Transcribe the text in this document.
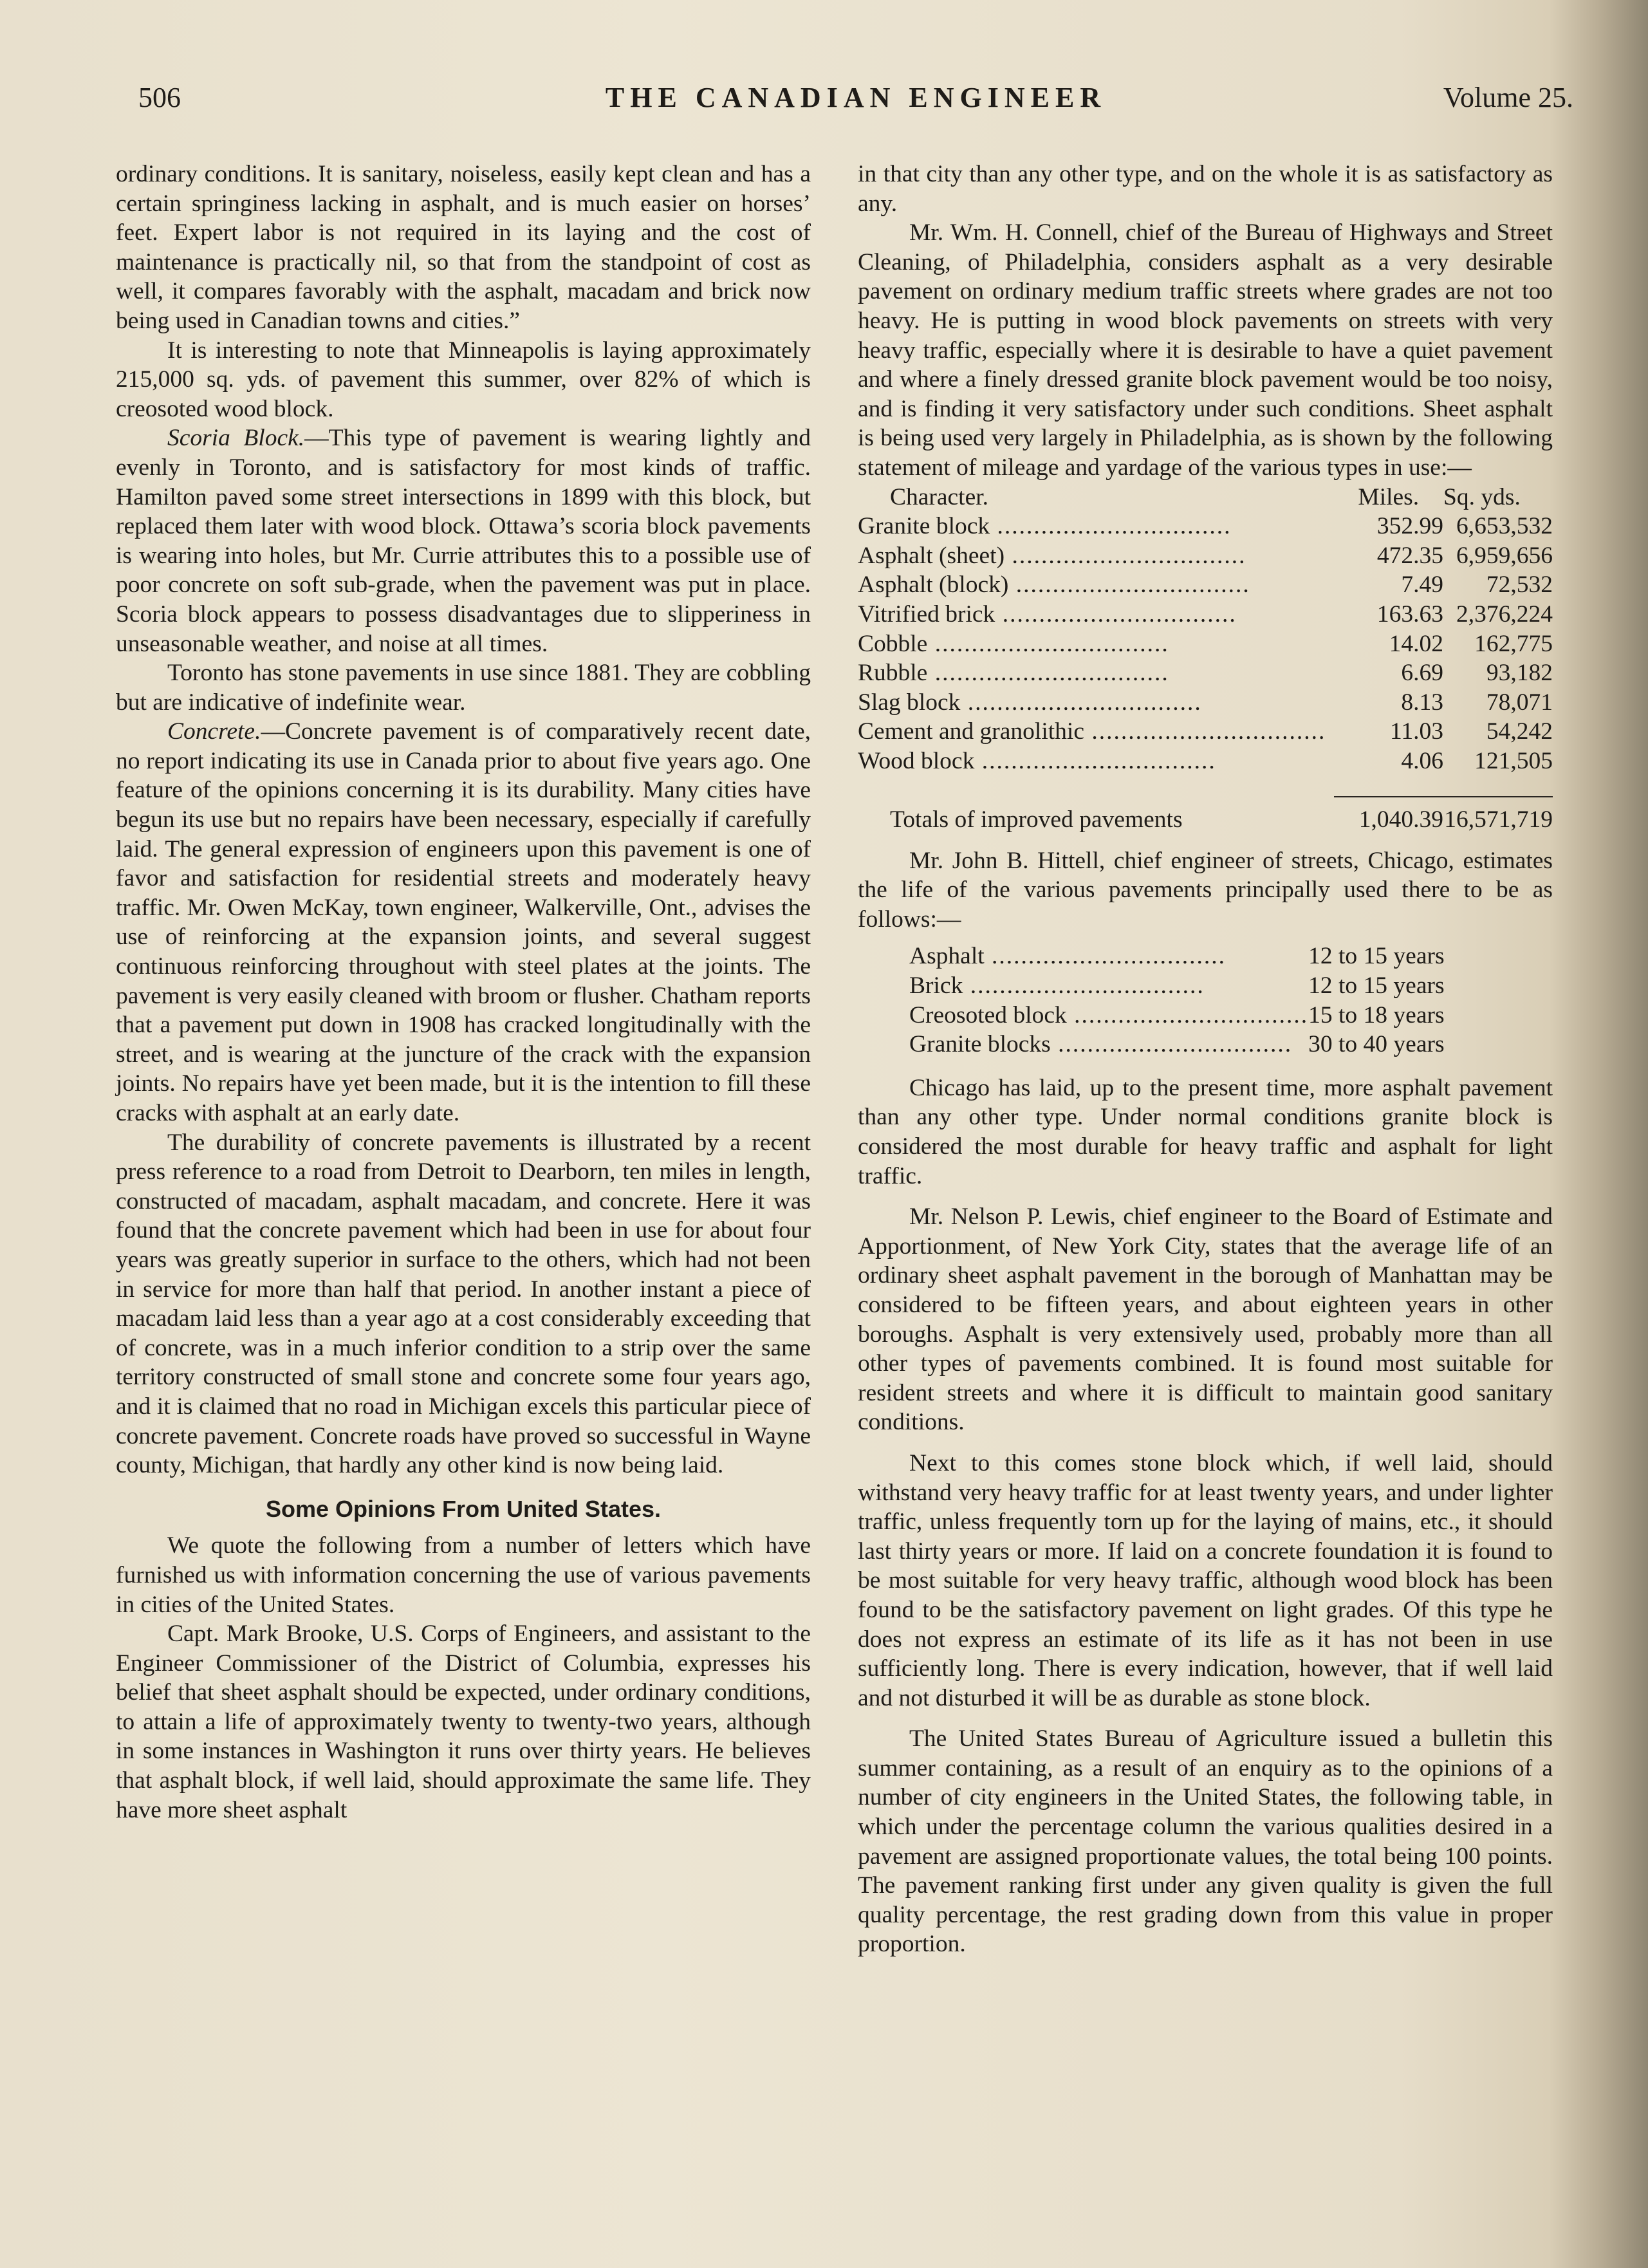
506	THE CANADIAN ENGINEER	Volume 25.

ordinary conditions. It is sanitary, noiseless, easily kept clean and has a certain springiness lacking in asphalt, and is much easier on horses’ feet. Expert labor is not required in its laying and the cost of maintenance is practically nil, so that from the standpoint of cost as well, it compares favorably with the asphalt, macadam and brick now being used in Canadian towns and cities.”

It is interesting to note that Minneapolis is laying approximately 215,000 sq. yds. of pavement this summer, over 82% of which is creosoted wood block.

Scoria Block.—This type of pavement is wearing lightly and evenly in Toronto, and is satisfactory for most kinds of traffic. Hamilton paved some street intersections in 1899 with this block, but replaced them later with wood block. Ottawa’s scoria block pavements is wearing into holes, but Mr. Currie attributes this to a possible use of poor concrete on soft sub-grade, when the pavement was put in place. Scoria block appears to possess disadvantages due to slipperiness in unseasonable weather, and noise at all times.

Toronto has stone pavements in use since 1881. They are cobbling but are indicative of indefinite wear.

Concrete.—Concrete pavement is of comparatively recent date, no report indicating its use in Canada prior to about five years ago. One feature of the opinions concerning it is its durability. Many cities have begun its use but no repairs have been necessary, especially if carefully laid. The general expression of engineers upon this pavement is one of favor and satisfaction for residential streets and moderately heavy traffic. Mr. Owen McKay, town engineer, Walkerville, Ont., advises the use of reinforcing at the expansion joints, and several suggest continuous reinforcing throughout with steel plates at the joints. The pavement is very easily cleaned with broom or flusher. Chatham reports that a pavement put down in 1908 has cracked longitudinally with the street, and is wearing at the juncture of the crack with the expansion joints. No repairs have yet been made, but it is the intention to fill these cracks with asphalt at an early date.

The durability of concrete pavements is illustrated by a recent press reference to a road from Detroit to Dearborn, ten miles in length, constructed of macadam, asphalt macadam, and concrete. Here it was found that the concrete pavement which had been in use for about four years was greatly superior in surface to the others, which had not been in service for more than half that period. In another instant a piece of macadam laid less than a year ago at a cost considerably exceeding that of concrete, was in a much inferior condition to a strip over the same territory constructed of small stone and concrete some four years ago, and it is claimed that no road in Michigan excels this particular piece of concrete pavement. Concrete roads have proved so successful in Wayne county, Michigan, that hardly any other kind is now being laid.

Some Opinions From United States.

We quote the following from a number of letters which have furnished us with information concerning the use of various pavements in cities of the United States.

Capt. Mark Brooke, U.S. Corps of Engineers, and assistant to the Engineer Commissioner of the District of Columbia, expresses his belief that sheet asphalt should be expected, under ordinary conditions, to attain a life of approximately twenty to twenty-two years, although in some instances in Washington it runs over thirty years. He believes that asphalt block, if well laid, should approximate the same life. They have more sheet asphalt

in that city than any other type, and on the whole it is as satisfactory as any.

Mr. Wm. H. Connell, chief of the Bureau of Highways and Street Cleaning, of Philadelphia, considers asphalt as a very desirable pavement on ordinary medium traffic streets where grades are not too heavy. He is putting in wood block pavements on streets with very heavy traffic, especially where it is desirable to have a quiet pavement and where a finely dressed granite block pavement would be too noisy, and is finding it very satisfactory under such conditions. Sheet asphalt is being used very largely in Philadelphia, as is shown by the following statement of mileage and yardage of the various types in use:—

Character.	Miles.	Sq. yds.
Granite block .....	352.99	6,653,532
Asphalt (sheet) .....	472.35	6,959,656
Asphalt (block) .....	7.49	72,532
Vitrified brick .....	163.63	2,376,224
Cobble .....	14.02	162,775
Rubble .....	6.69	93,182
Slag block .....	8.13	78,071
Cement and granolithic .....	11.03	54,242
Wood block .....	4.06	121,505

Totals of improved pavements	1,040.39	16,571,719

Mr. John B. Hittell, chief engineer of streets, Chicago, estimates the life of the various pavements principally used there to be as follows:—

Asphalt .....	12 to 15 years
Brick .....	12 to 15 years
Creosoted block .....	15 to 18 years
Granite blocks .....	30 to 40 years

Chicago has laid, up to the present time, more asphalt pavement than any other type. Under normal conditions granite block is considered the most durable for heavy traffic and asphalt for light traffic.

Mr. Nelson P. Lewis, chief engineer to the Board of Estimate and Apportionment, of New York City, states that the average life of an ordinary sheet asphalt pavement in the borough of Manhattan may be considered to be fifteen years, and about eighteen years in other boroughs. Asphalt is very extensively used, probably more than all other types of pavements combined. It is found most suitable for resident streets and where it is difficult to maintain good sanitary conditions.

Next to this comes stone block which, if well laid, should withstand very heavy traffic for at least twenty years, and under lighter traffic, unless frequently torn up for the laying of mains, etc., it should last thirty years or more. If laid on a concrete foundation it is found to be most suitable for very heavy traffic, although wood block has been found to be the satisfactory pavement on light grades. Of this type he does not express an estimate of its life as it has not been in use sufficiently long. There is every indication, however, that if well laid and not disturbed it will be as durable as stone block.

The United States Bureau of Agriculture issued a bulletin this summer containing, as a result of an enquiry as to the opinions of a number of city engineers in the United States, the following table, in which under the percentage column the various qualities desired in a pavement are assigned proportionate values, the total being 100 points. The pavement ranking first under any given quality is given the full quality percentage, the rest grading down from this value in proper proportion.
